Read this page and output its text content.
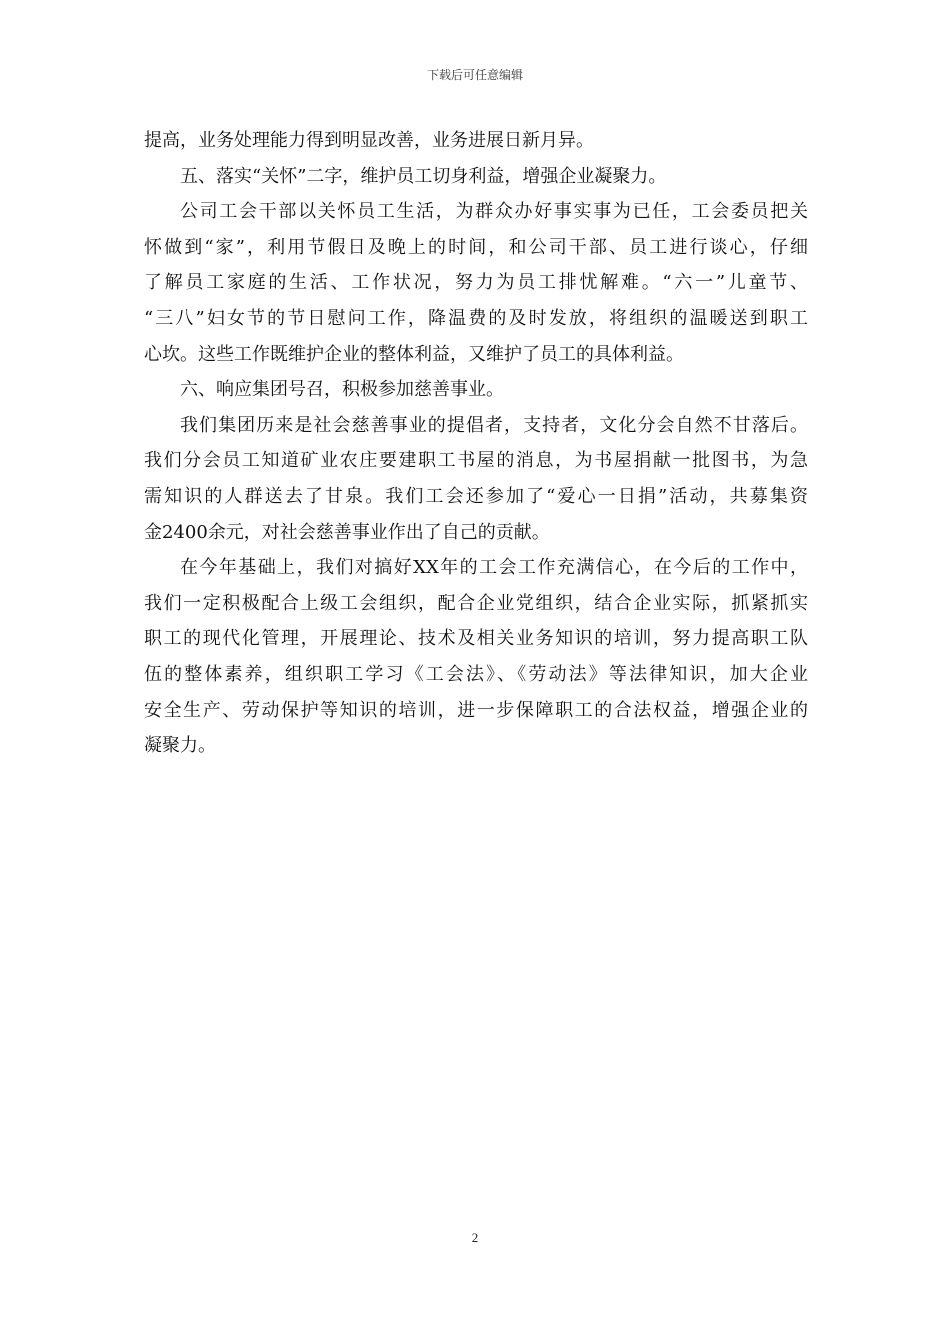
下载后可任意编辑
提高，业务处理能力得到明显改善，业务进展日新月异。
五、落实“关怀”二字，维护员工切身利益，增强企业凝聚力。
公司工会干部以关怀员工生活，为群众办好事实事为已任，工会委员把关
怀做到“家”，利用节假日及晚上的时间，和公司干部、员工进行谈心，仔细
了解员工家庭的生活、工作状况，努力为员工排忧解难。“六一”儿童节、
“三八”妇女节的节日慰问工作，降温费的及时发放，将组织的温暖送到职工
心坎。这些工作既维护企业的整体利益，又维护了员工的具体利益。
六、响应集团号召，积极参加慈善事业。
我们集团历来是社会慈善事业的提倡者，支持者，文化分会自然不甘落后。
我们分会员工知道矿业农庄要建职工书屋的消息，为书屋捐献一批图书，为急
需知识的人群送去了甘泉。我们工会还参加了“爱心一日捐”活动，共募集资
金2400余元，对社会慈善事业作出了自己的贡献。
在今年基础上，我们对搞好XX年的工会工作充满信心，在今后的工作中，
我们一定积极配合上级工会组织，配合企业党组织，结合企业实际，抓紧抓实
职工的现代化管理，开展理论、技术及相关业务知识的培训，努力提高职工队
伍的整体素养，组织职工学习《工会法》、《劳动法》等法律知识，加大企业
安全生产、劳动保护等知识的培训，进一步保障职工的合法权益，增强企业的
凝聚力。
2
